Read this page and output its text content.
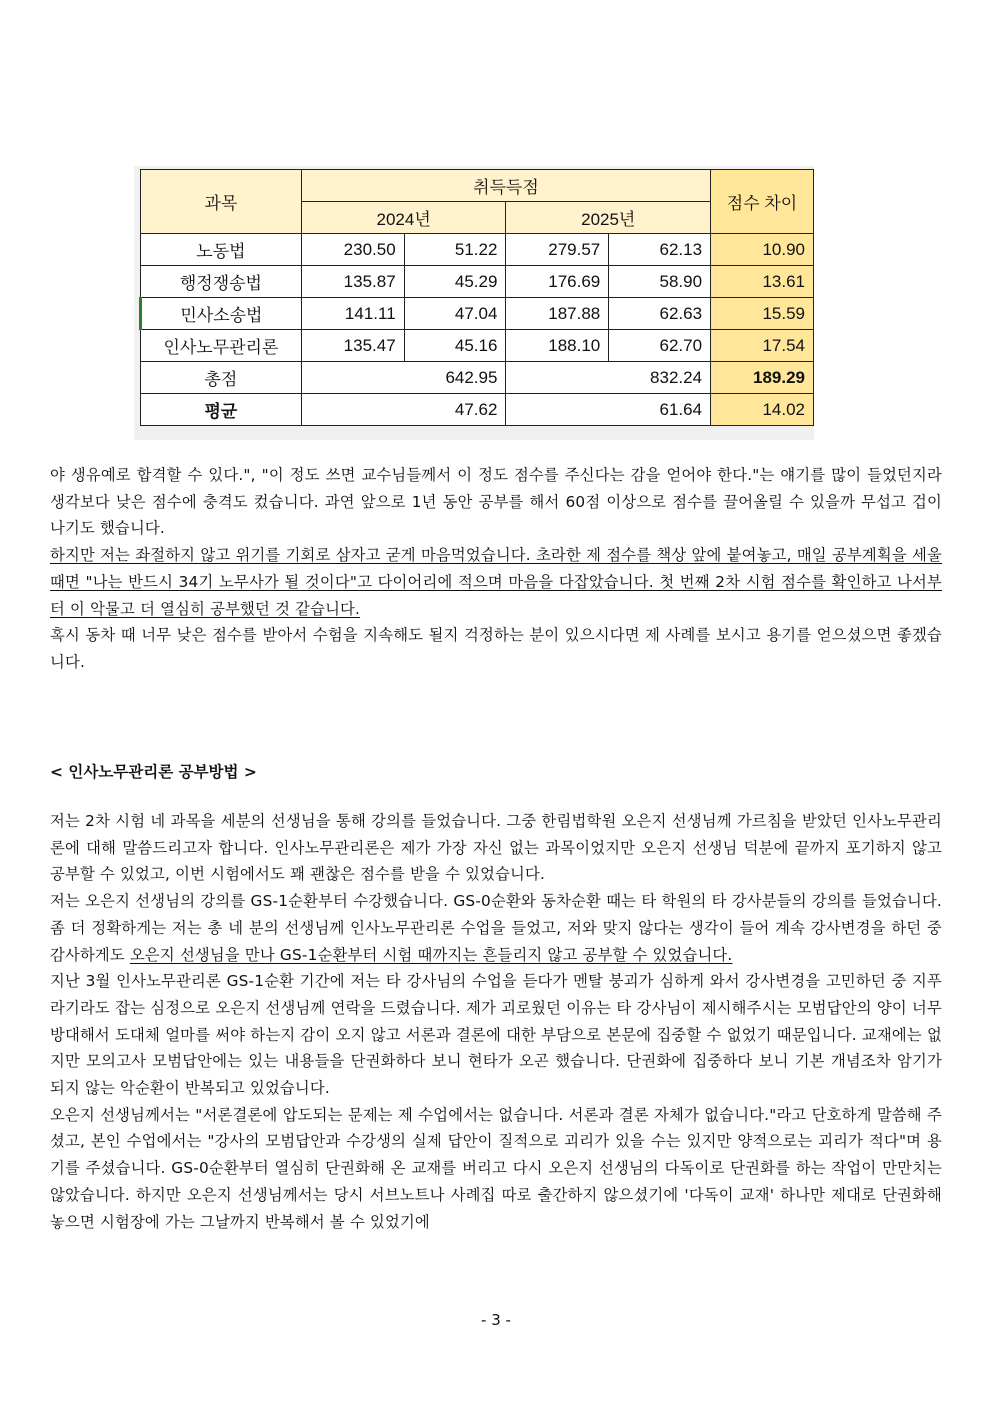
과목	취득득점				점수 차이
	2024년		2025년		
노동법	230.50	51.22	279.57	62.13	10.90
행정쟁송법	135.87	45.29	176.69	58.90	13.61
민사소송법	141.11	47.04	187.88	62.63	15.59
인사노무관리론	135.47	45.16	188.10	62.70	17.54
총점	642.95		832.24		189.29
평균	47.62		61.64		14.02

야 생유예로 합격할 수 있다.", "이 정도 쓰면 교수님들께서 이 정도 점수를 주신다는 감을 얻어야 한다."는 얘기를 많이 들었던지라 생각보다 낮은 점수에 충격도 컸습니다. 과연 앞으로 1년 동안 공부를 해서 60점 이상으로 점수를 끌어올릴 수 있을까 무섭고 겁이 나기도 했습니다.

하지만 저는 좌절하지 않고 위기를 기회로 삼자고 굳게 마음먹었습니다. 초라한 제 점수를 책상 앞에 붙여놓고, 매일 공부계획을 세울 때면 "나는 반드시 34기 노무사가 될 것이다"고 다이어리에 적으며 마음을 다잡았습니다. 첫 번째 2차 시험 점수를 확인하고 나서부터 이 악물고 더 열심히 공부했던 것 같습니다.

혹시 동차 때 너무 낮은 점수를 받아서 수험을 지속해도 될지 걱정하는 분이 있으시다면 제 사례를 보시고 용기를 얻으셨으면 좋겠습니다.

< 인사노무관리론 공부방법 >

저는 2차 시험 네 과목을 세분의 선생님을 통해 강의를 들었습니다. 그중 한림법학원 오은지 선생님께 가르침을 받았던 인사노무관리론에 대해 말씀드리고자 합니다. 인사노무관리론은 제가 가장 자신 없는 과목이었지만 오은지 선생님 덕분에 끝까지 포기하지 않고 공부할 수 있었고, 이번 시험에서도 꽤 괜찮은 점수를 받을 수 있었습니다.

저는 오은지 선생님의 강의를 GS-1순환부터 수강했습니다. GS-0순환와 동차순환 때는 타 학원의 타 강사분들의 강의를 들었습니다. 좀 더 정확하게는 저는 총 네 분의 선생님께 인사노무관리론 수업을 들었고, 저와 맞지 않다는 생각이 들어 계속 강사변경을 하던 중 감사하게도 오은지 선생님을 만나 GS-1순환부터 시험 때까지는 흔들리지 않고 공부할 수 있었습니다.

지난 3월 인사노무관리론 GS-1순환 기간에 저는 타 강사님의 수업을 듣다가 멘탈 붕괴가 심하게 와서 강사변경을 고민하던 중 지푸라기라도 잡는 심정으로 오은지 선생님께 연락을 드렸습니다. 제가 괴로웠던 이유는 타 강사님이 제시해주시는 모범답안의 양이 너무 방대해서 도대체 얼마를 써야 하는지 감이 오지 않고 서론과 결론에 대한 부담으로 본문에 집중할 수 없었기 때문입니다. 교재에는 없지만 모의고사 모범답안에는 있는 내용들을 단권화하다 보니 현타가 오곤 했습니다. 단권화에 집중하다 보니 기본 개념조차 암기가 되지 않는 악순환이 반복되고 있었습니다.

오은지 선생님께서는 "서론결론에 압도되는 문제는 제 수업에서는 없습니다. 서론과 결론 자체가 없습니다."라고 단호하게 말씀해 주셨고, 본인 수업에서는 "강사의 모범답안과 수강생의 실제 답안이 질적으로 괴리가 있을 수는 있지만 양적으로는 괴리가 적다"며 용기를 주셨습니다. GS-0순환부터 열심히 단권화해 온 교재를 버리고 다시 오은지 선생님의 다독이로 단권화를 하는 작업이 만만치는 않았습니다. 하지만 오은지 선생님께서는 당시 서브노트나 사례집 따로 출간하지 않으셨기에 '다독이 교재' 하나만 제대로 단권화해 놓으면 시험장에 가는 그날까지 반복해서 볼 수 있었기에

- 3 -
